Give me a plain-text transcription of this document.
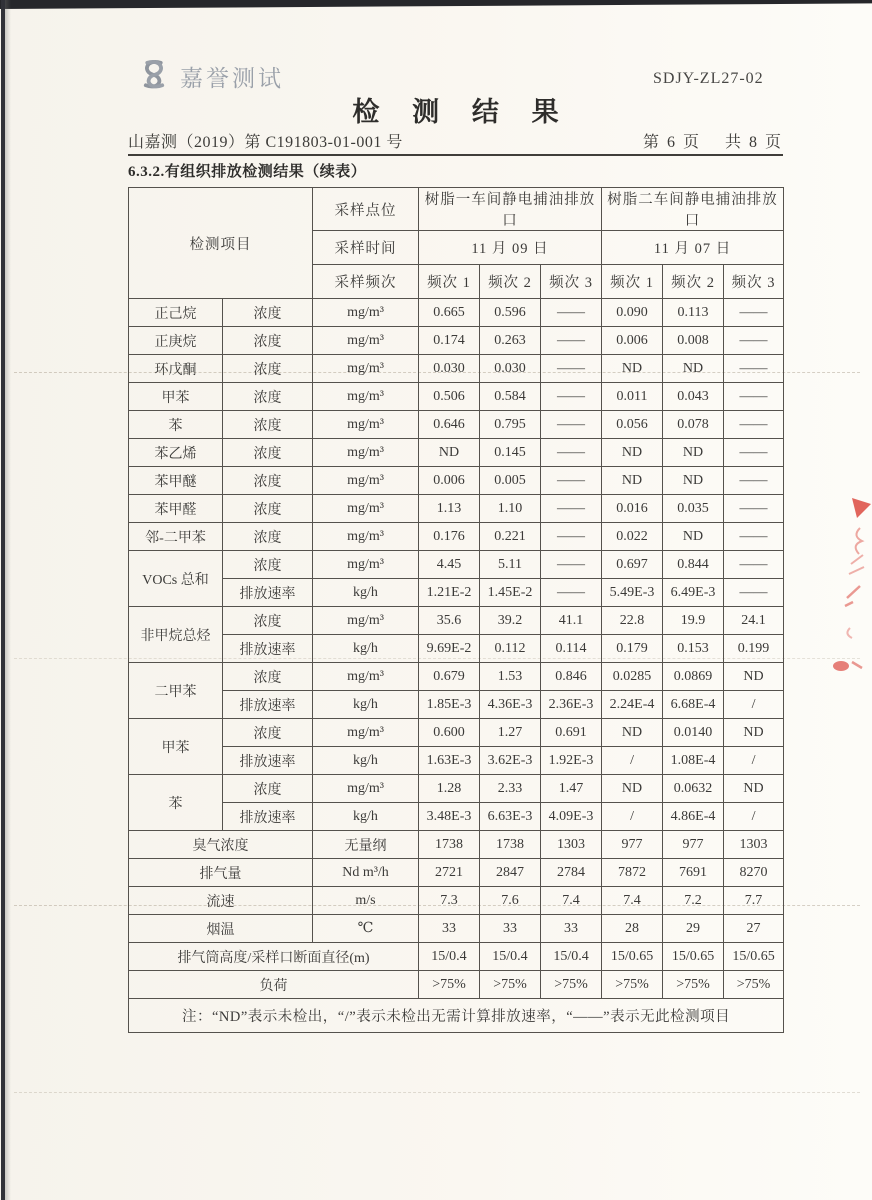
嘉誉测试	SDJY-ZL27-02
检 测 结 果
山嘉测（2019）第 C191803-01-001 号	第 6 页　 共 8 页
6.3.2.有组织排放检测结果（续表）
检测项目		采样点位	树脂一车间静电捕油排放口			树脂二车间静电捕油排放口		
		采样时间	11 月 09 日			11 月 07 日		
		采样频次	频次 1	频次 2	频次 3	频次 1	频次 2	频次 3
正己烷	浓度	mg/m³	0.665	0.596	——	0.090	0.113	——
正庚烷	浓度	mg/m³	0.174	0.263	——	0.006	0.008	——
环戊酮	浓度	mg/m³	0.030	0.030	——	ND	ND	——
甲苯	浓度	mg/m³	0.506	0.584	——	0.011	0.043	——
苯	浓度	mg/m³	0.646	0.795	——	0.056	0.078	——
苯乙烯	浓度	mg/m³	ND	0.145	——	ND	ND	——
苯甲醚	浓度	mg/m³	0.006	0.005	——	ND	ND	——
苯甲醛	浓度	mg/m³	1.13	1.10	——	0.016	0.035	——
邻-二甲苯	浓度	mg/m³	0.176	0.221	——	0.022	ND	——
VOCs 总和	浓度	mg/m³	4.45	5.11	——	0.697	0.844	——
	排放速率	kg/h	1.21E-2	1.45E-2	——	5.49E-3	6.49E-3	——
非甲烷总烃	浓度	mg/m³	35.6	39.2	41.1	22.8	19.9	24.1
	排放速率	kg/h	9.69E-2	0.112	0.114	0.179	0.153	0.199
二甲苯	浓度	mg/m³	0.679	1.53	0.846	0.0285	0.0869	ND
	排放速率	kg/h	1.85E-3	4.36E-3	2.36E-3	2.24E-4	6.68E-4	/
甲苯	浓度	mg/m³	0.600	1.27	0.691	ND	0.0140	ND
	排放速率	kg/h	1.63E-3	3.62E-3	1.92E-3	/	1.08E-4	/
苯	浓度	mg/m³	1.28	2.33	1.47	ND	0.0632	ND
	排放速率	kg/h	3.48E-3	6.63E-3	4.09E-3	/	4.86E-4	/
臭气浓度		无量纲	1738	1738	1303	977	977	1303
排气量		Nd m³/h	2721	2847	2784	7872	7691	8270
流速		m/s	7.3	7.6	7.4	7.4	7.2	7.7
烟温		℃	33	33	33	28	29	27
排气筒高度/采样口断面直径(m)			15/0.4	15/0.4	15/0.4	15/0.65	15/0.65	15/0.65
负荷			>75%	>75%	>75%	>75%	>75%	>75%
注：“ND”表示未检出，“/”表示未检出无需计算排放速率，“——”表示无此检测项目								
